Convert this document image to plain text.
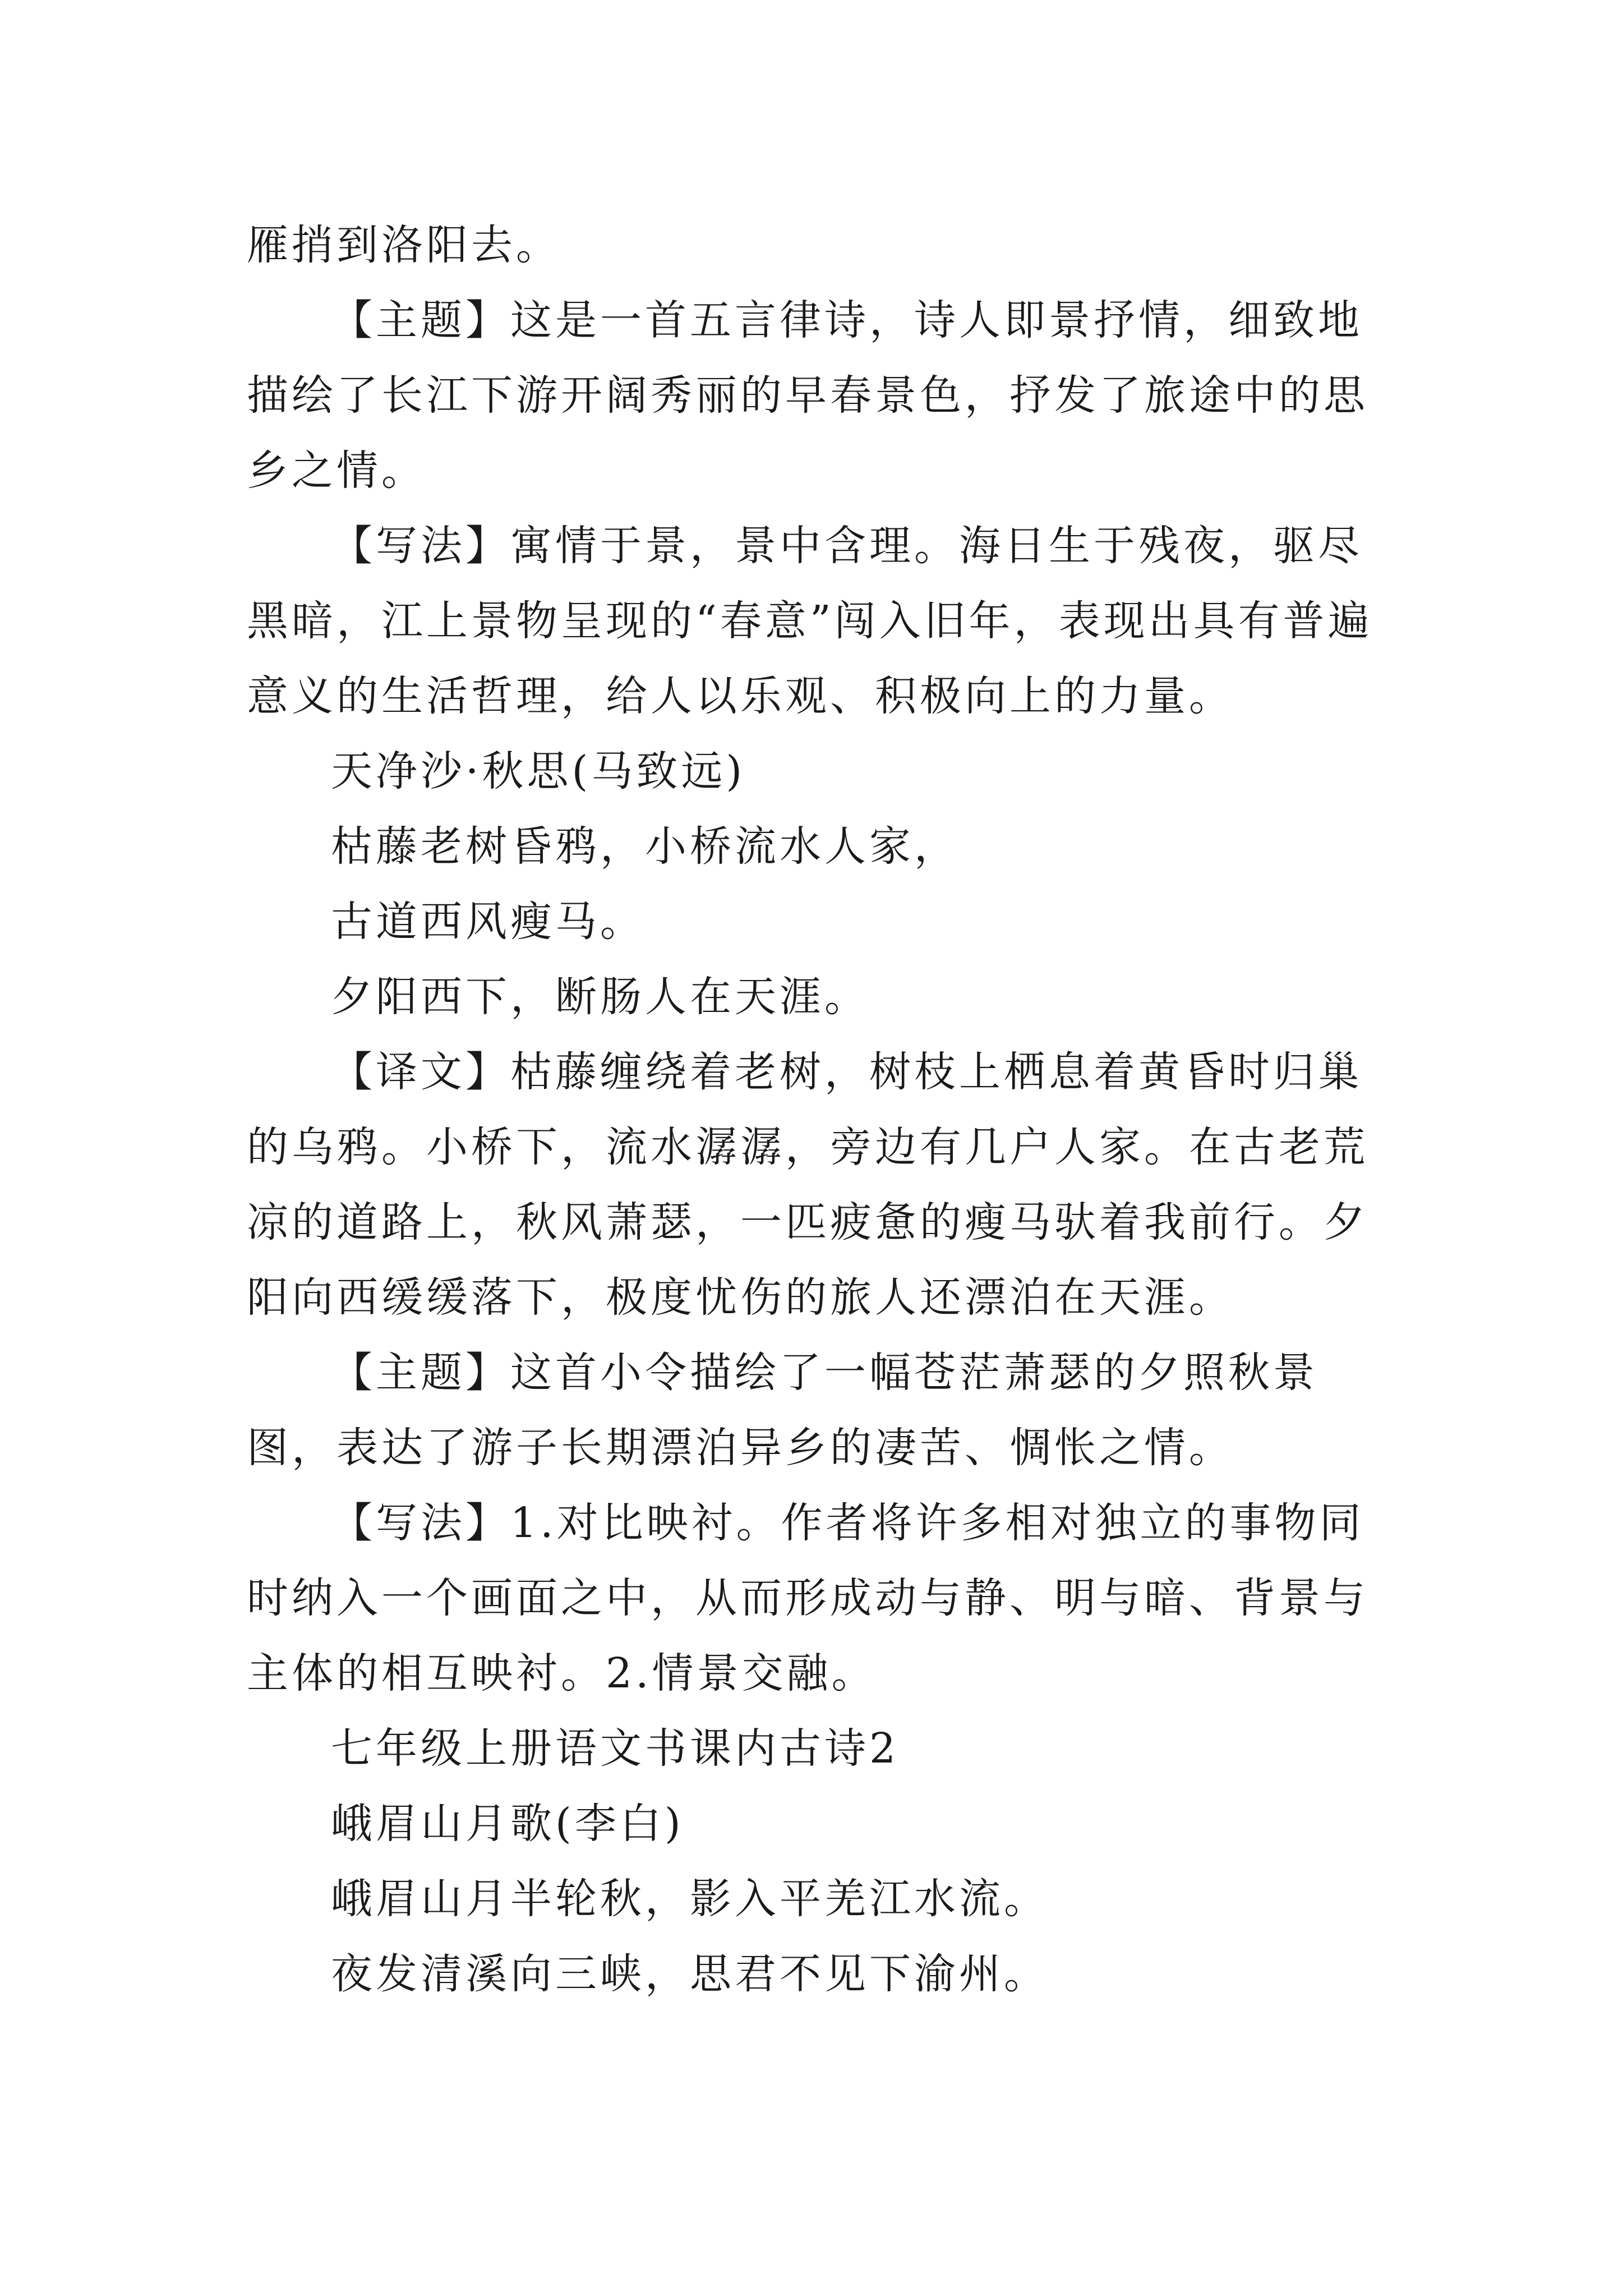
雁捎到洛阳去。

【主题】这是一首五言律诗，诗人即景抒情，细致地描绘了长江下游开阔秀丽的早春景色，抒发了旅途中的思乡之情。

【写法】寓情于景，景中含理。海日生于残夜，驱尽黑暗，江上景物呈现的“春意”闯入旧年，表现出具有普遍意义的生活哲理，给人以乐观、积极向上的力量。

天净沙·秋思(马致远)

枯藤老树昏鸦，小桥流水人家，

古道西风瘦马。

夕阳西下，断肠人在天涯。

【译文】枯藤缠绕着老树，树枝上栖息着黄昏时归巢的乌鸦。小桥下，流水潺潺，旁边有几户人家。在古老荒凉的道路上，秋风萧瑟，一匹疲惫的瘦马驮着我前行。夕阳向西缓缓落下，极度忧伤的旅人还漂泊在天涯。

【主题】这首小令描绘了一幅苍茫萧瑟的夕照秋景图，表达了游子长期漂泊异乡的凄苦、惆怅之情。

【写法】1.对比映衬。作者将许多相对独立的事物同时纳入一个画面之中，从而形成动与静、明与暗、背景与主体的相互映衬。2.情景交融。

七年级上册语文书课内古诗2

峨眉山月歌(李白)

峨眉山月半轮秋，影入平羌江水流。

夜发清溪向三峡，思君不见下渝州。
